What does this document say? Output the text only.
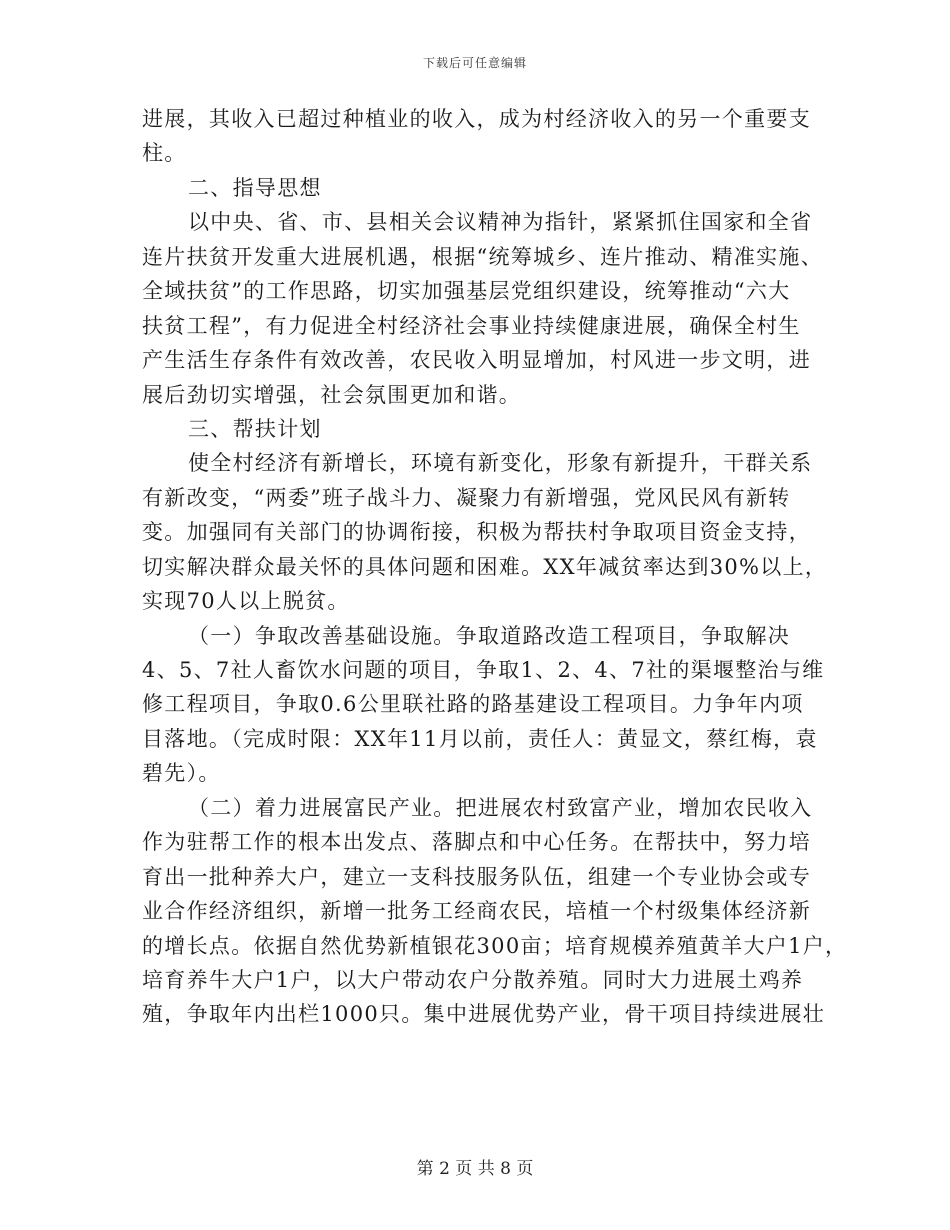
下载后可任意编辑
进展，其收入已超过种植业的收入，成为村经济收入的另一个重要支
柱。
二、指导思想
以中央、省、市、县相关会议精神为指针，紧紧抓住国家和全省
连片扶贫开发重大进展机遇，根据“统筹城乡、连片推动、精准实施、
全域扶贫”的工作思路，切实加强基层党组织建设，统筹推动“六大
扶贫工程”，有力促进全村经济社会事业持续健康进展，确保全村生
产生活生存条件有效改善，农民收入明显增加，村风进一步文明，进
展后劲切实增强，社会氛围更加和谐。
三、帮扶计划
使全村经济有新增长，环境有新变化，形象有新提升，干群关系
有新改变，“两委”班子战斗力、凝聚力有新增强，党风民风有新转
变。加强同有关部门的协调衔接，积极为帮扶村争取项目资金支持，
切实解决群众最关怀的具体问题和困难。XX年减贫率达到30%以上，
实现70人以上脱贫。
（一）争取改善基础设施。争取道路改造工程项目，争取解决
4、5、7社人畜饮水问题的项目，争取1、2、4、7社的渠堰整治与维
修工程项目，争取0.6公里联社路的路基建设工程项目。力争年内项
目落地。（完成时限：XX年11月以前，责任人：黄显文，蔡红梅，袁
碧先）。
（二）着力进展富民产业。把进展农村致富产业，增加农民收入
作为驻帮工作的根本出发点、落脚点和中心任务。在帮扶中，努力培
育出一批种养大户，建立一支科技服务队伍，组建一个专业协会或专
业合作经济组织，新增一批务工经商农民，培植一个村级集体经济新
的增长点。依据自然优势新植银花300亩；培育规模养殖黄羊大户1户，
培育养牛大户1户，以大户带动农户分散养殖。同时大力进展土鸡养
殖，争取年内出栏1000只。集中进展优势产业，骨干项目持续进展壮
第 2 页 共 8 页
